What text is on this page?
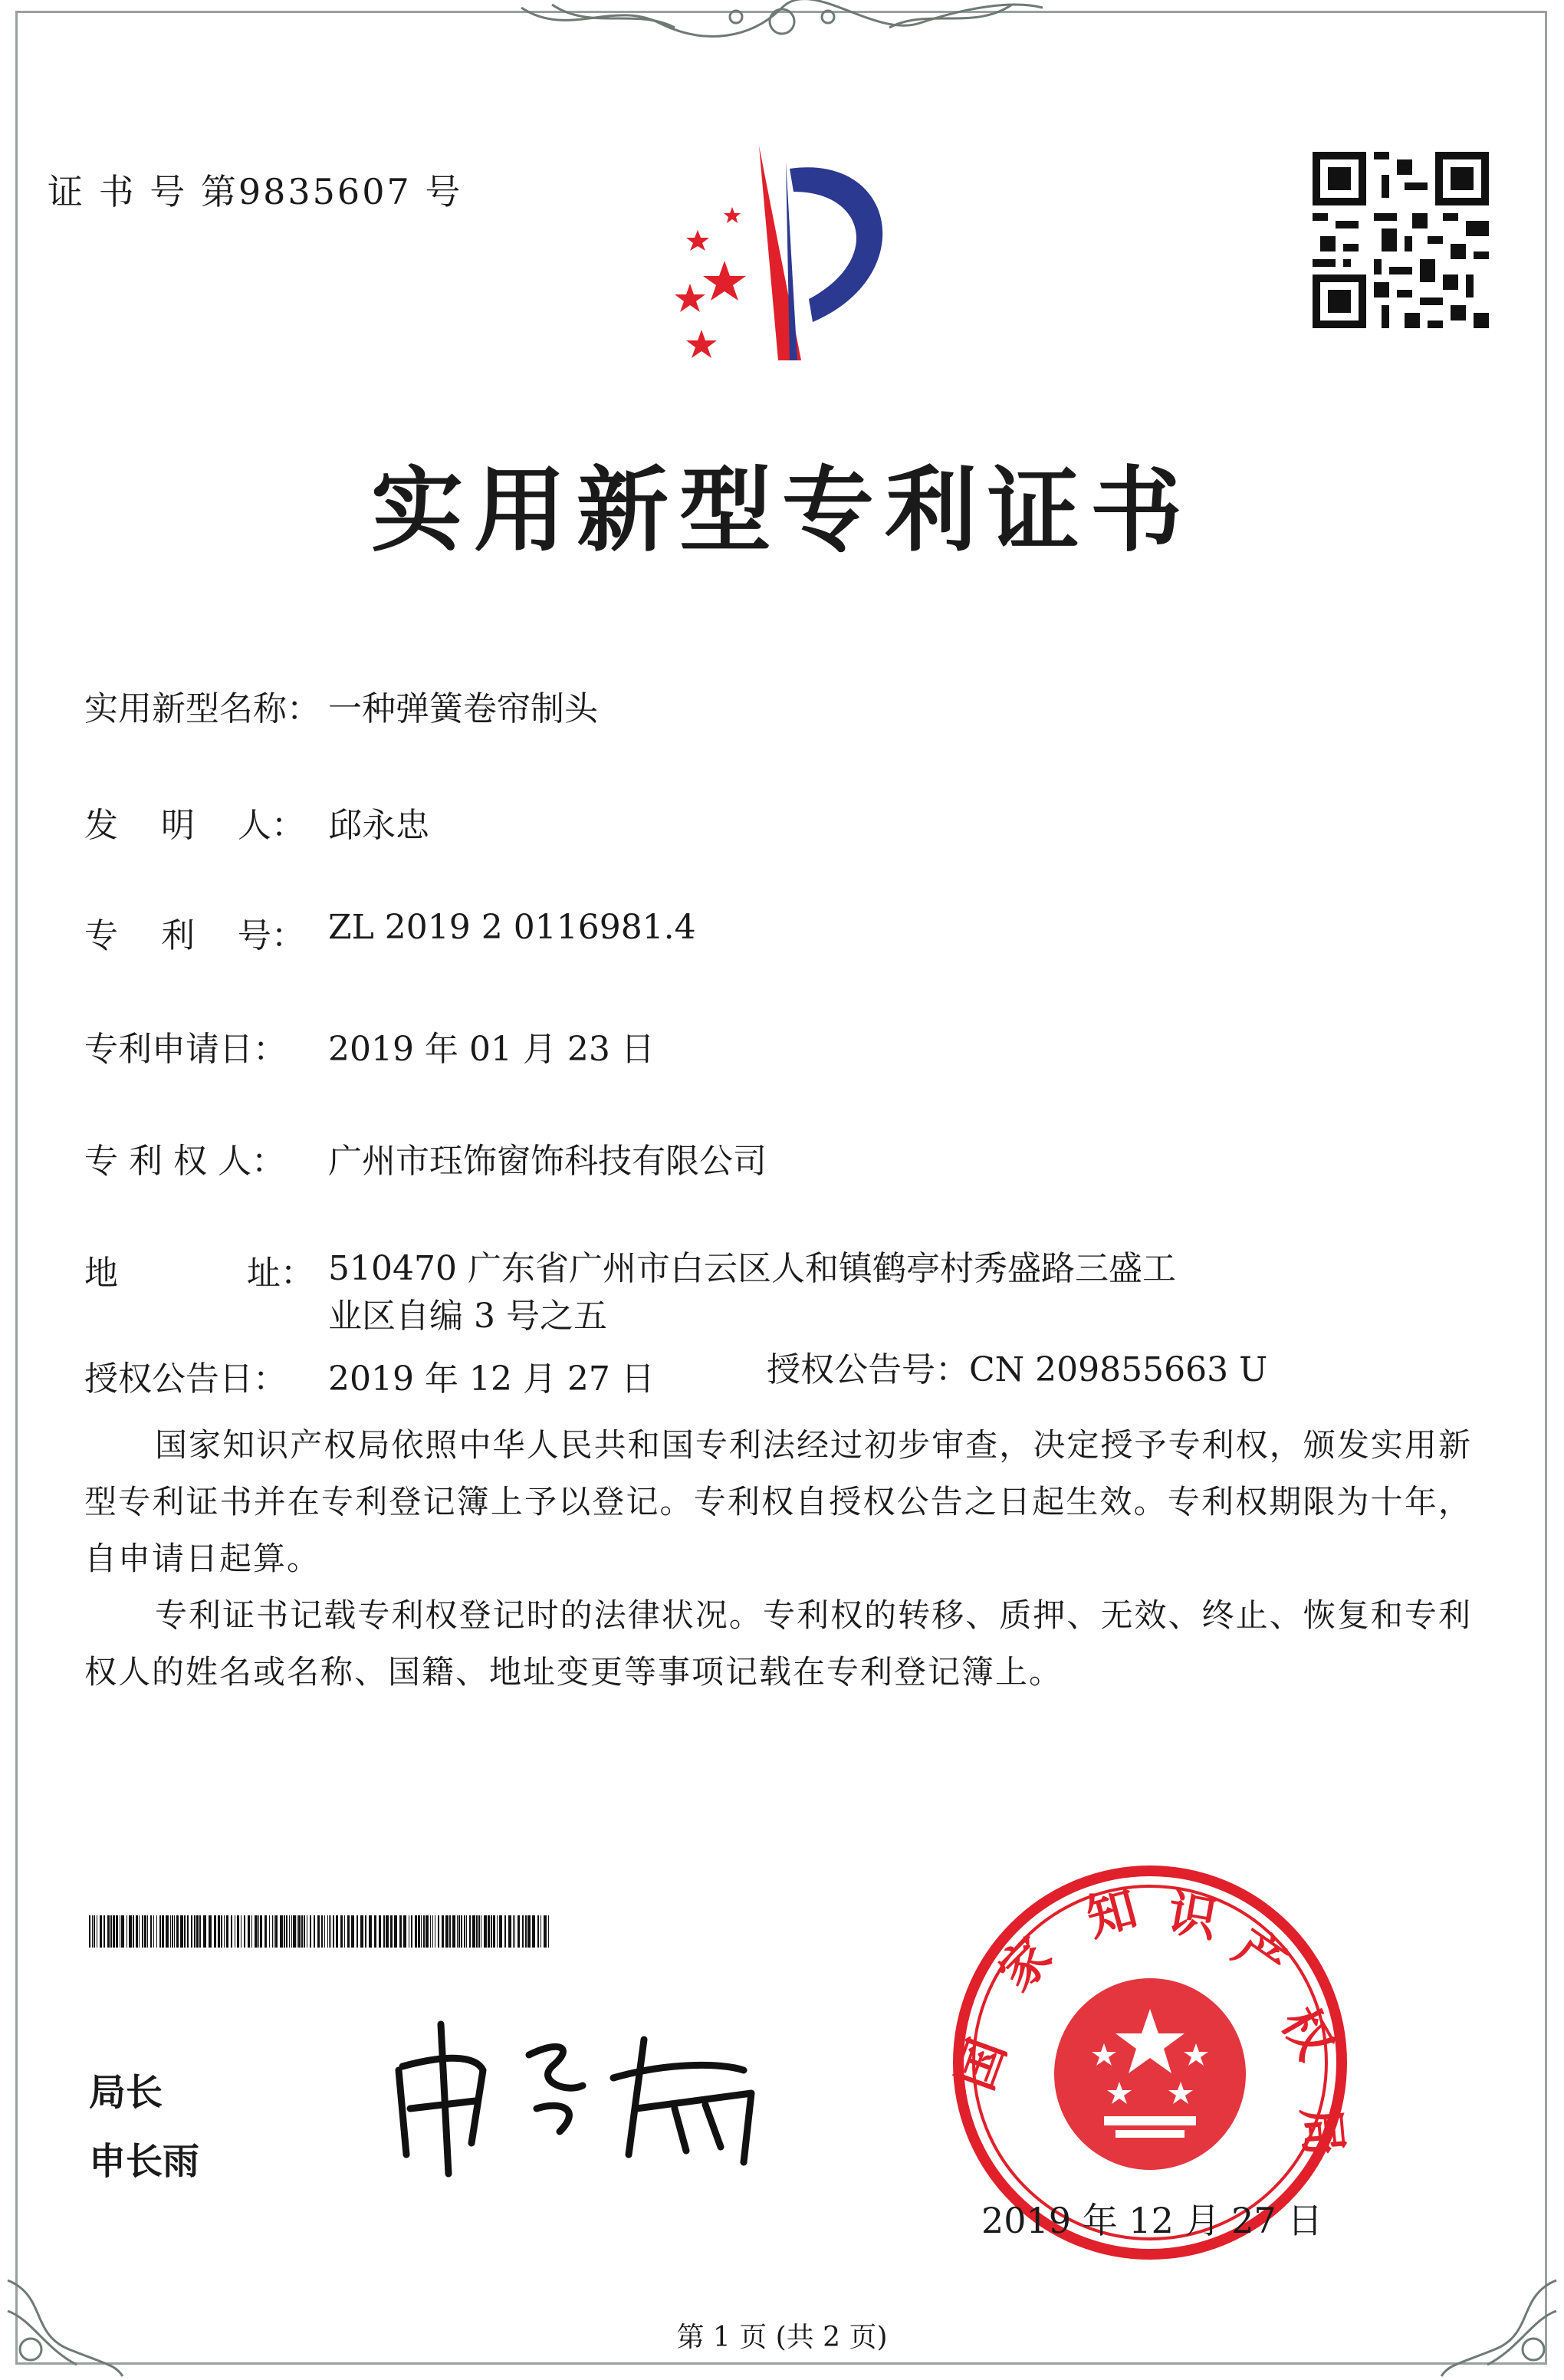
证 书 号 第9835607 号
实用新型专利证书
实用新型名称： 一种弹簧卷帘制头
发    明    人： 邱永忠
专    利    号： ZL 2019 2 0116981.4
专利申请日： 2019 年 01 月 23 日
专 利 权 人： 广州市珏饰窗饰科技有限公司
地            址： 510470 广东省广州市白云区人和镇鹤亭村秀盛路三盛工
业区自编 3 号之五
授权公告日： 2019 年 12 月 27 日	授权公告号：CN 209855663 U
国家知识产权局依照中华人民共和国专利法经过初步审查，决定授予专利权，颁发实用新型专利证书并在专利登记簿上予以登记。专利权自授权公告之日起生效。专利权期限为十年，自申请日起算。
专利证书记载专利权登记时的法律状况。专利权的转移、质押、无效、终止、恢复和专利权人的姓名或名称、国籍、地址变更等事项记载在专利登记簿上。
局长
申长雨
国
家
知 识
产
权
局
2019 年 12 月 27 日
第 1 页 (共 2 页)
